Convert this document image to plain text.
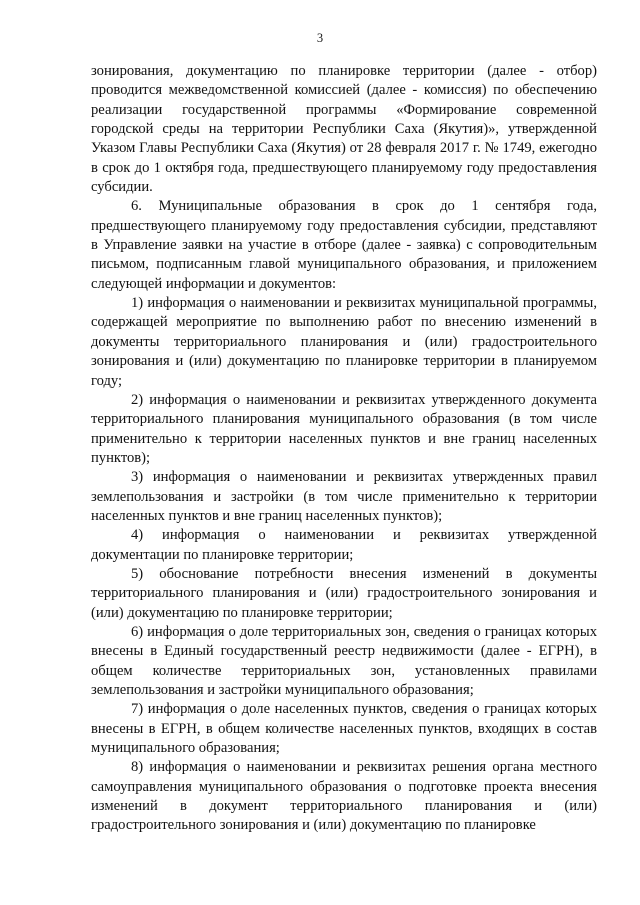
3

зонирования, документацию по планировке территории (далее - отбор) проводится межведомственной комиссией (далее - комиссия) по обеспечению реализации государственной программы «Формирование современной городской среды на территории Республики Саха (Якутия)», утвержденной Указом Главы Республики Саха (Якутия) от 28 февраля 2017 г. № 1749, ежегодно в срок до 1 октября года, предшествующего планируемому году предоставления субсидии.

6. Муниципальные образования в срок до 1 сентября года, предшествующего планируемому году предоставления субсидии, представляют в Управление заявки на участие в отборе (далее - заявка) с сопроводительным письмом, подписанным главой муниципального образования, и приложением следующей информации и документов:

1) информация о наименовании и реквизитах муниципальной программы, содержащей мероприятие по выполнению работ по внесению изменений в документы территориального планирования и (или) градостроительного зонирования и (или) документацию по планировке территории в планируемом году;

2) информация о наименовании и реквизитах утвержденного документа территориального планирования муниципального образования (в том числе применительно к территории населенных пунктов и вне границ населенных пунктов);

3) информация о наименовании и реквизитах утвержденных правил землепользования и застройки (в том числе применительно к территории населенных пунктов и вне границ населенных пунктов);

4) информация о наименовании и реквизитах утвержденной документации по планировке территории;

5) обоснование потребности внесения изменений в документы территориального планирования и (или) градостроительного зонирования и (или) документацию по планировке территории;

6) информация о доле территориальных зон, сведения о границах которых внесены в Единый государственный реестр недвижимости (далее - ЕГРН), в общем количестве территориальных зон, установленных правилами землепользования и застройки муниципального образования;

7) информация о доле населенных пунктов, сведения о границах которых внесены в ЕГРН, в общем количестве населенных пунктов, входящих в состав муниципального образования;

8) информация о наименовании и реквизитах решения органа местного самоуправления муниципального образования о подготовке проекта внесения изменений в документ территориального планирования и (или) градостроительного зонирования и (или) документацию по планировке
